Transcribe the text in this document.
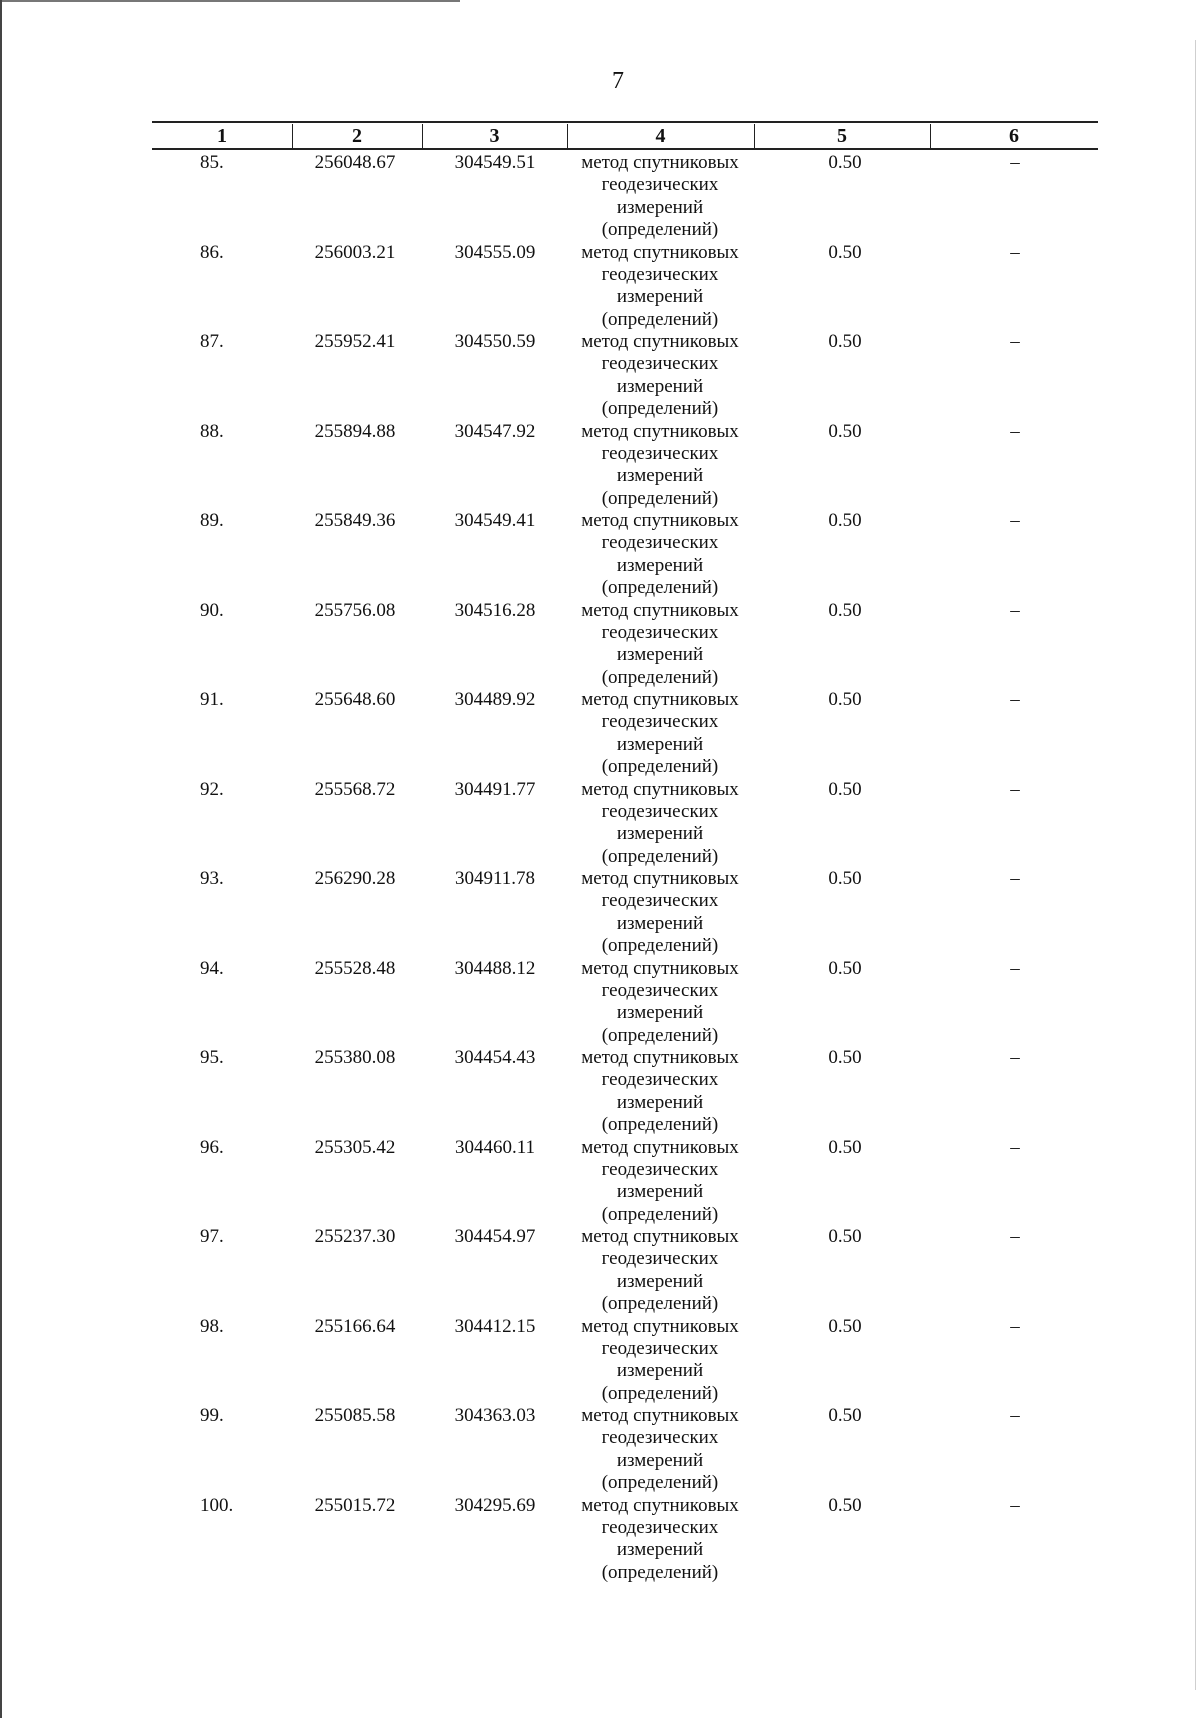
7
1	2	3	4	5	6
85.	256048.67	304549.51	метод спутниковых
геодезических
измерений
(определений)
0.50	–
86.	256003.21	304555.09	метод спутниковых
геодезических
измерений
(определений)
0.50	–
87.	255952.41	304550.59	метод спутниковых
геодезических
измерений
(определений)
0.50	–
88.	255894.88	304547.92	метод спутниковых
геодезических
измерений
(определений)
0.50	–
89.	255849.36	304549.41	метод спутниковых
геодезических
измерений
(определений)
0.50	–
90.	255756.08	304516.28	метод спутниковых
геодезических
измерений
(определений)
0.50	–
91.	255648.60	304489.92	метод спутниковых
геодезических
измерений
(определений)
0.50	–
92.	255568.72	304491.77	метод спутниковых
геодезических
измерений
(определений)
0.50	–
93.	256290.28	304911.78	метод спутниковых
геодезических
измерений
(определений)
0.50	–
94.	255528.48	304488.12	метод спутниковых
геодезических
измерений
(определений)
0.50	–
95.	255380.08	304454.43	метод спутниковых
геодезических
измерений
(определений)
0.50	–
96.	255305.42	304460.11	метод спутниковых
геодезических
измерений
(определений)
0.50	–
97.	255237.30	304454.97	метод спутниковых
геодезических
измерений
(определений)
0.50	–
98.	255166.64	304412.15	метод спутниковых
геодезических
измерений
(определений)
0.50	–
99.	255085.58	304363.03	метод спутниковых
геодезических
измерений
(определений)
0.50	–
100.	255015.72	304295.69	метод спутниковых
геодезических
измерений
(определений)
0.50	–
